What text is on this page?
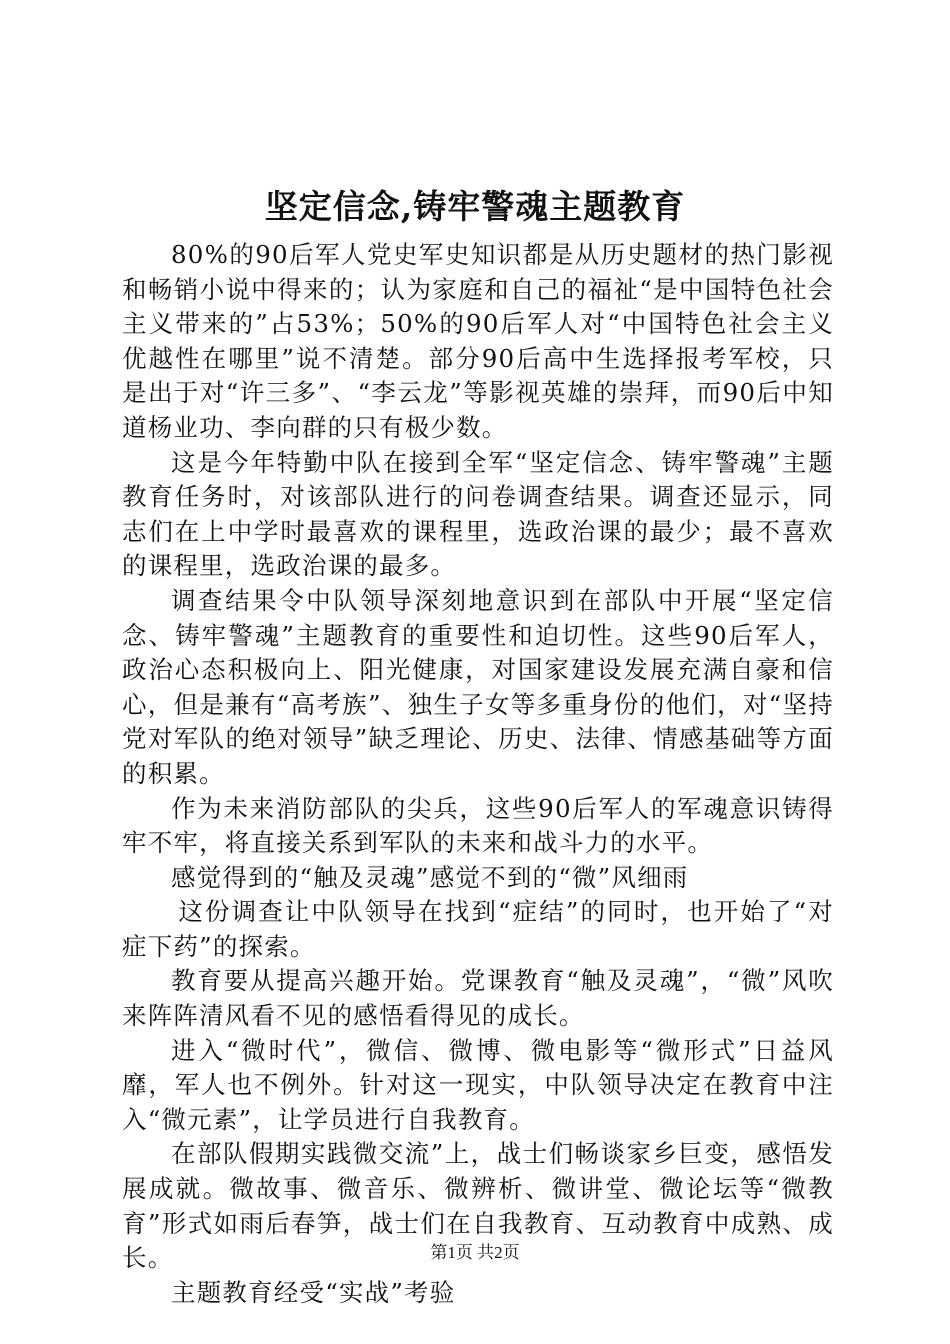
坚定信念,铸牢警魂主题教育

80%的90后军人党史军史知识都是从历史题材的热门影视和畅销小说中得来的；认为家庭和自己的福祉“是中国特色社会主义带来的”占53%；50%的90后军人对“中国特色社会主义优越性在哪里”说不清楚。部分90后高中生选择报考军校，只是出于对“许三多”、“李云龙”等影视英雄的崇拜，而90后中知道杨业功、李向群的只有极少数。

这是今年特勤中队在接到全军“坚定信念、铸牢警魂”主题教育任务时，对该部队进行的问卷调查结果。调查还显示，同志们在上中学时最喜欢的课程里，选政治课的最少；最不喜欢的课程里，选政治课的最多。

调查结果令中队领导深刻地意识到在部队中开展“坚定信念、铸牢警魂”主题教育的重要性和迫切性。这些90后军人，政治心态积极向上、阳光健康，对国家建设发展充满自豪和信心，但是兼有“高考族”、独生子女等多重身份的他们，对“坚持党对军队的绝对领导”缺乏理论、历史、法律、情感基础等方面的积累。

作为未来消防部队的尖兵，这些90后军人的军魂意识铸得牢不牢，将直接关系到军队的未来和战斗力的水平。

感觉得到的“触及灵魂”感觉不到的“微”风细雨

这份调查让中队领导在找到“症结”的同时，也开始了“对症下药”的探索。

教育要从提高兴趣开始。党课教育“触及灵魂”，“微”风吹来阵阵清风看不见的感悟看得见的成长。

进入“微时代”，微信、微博、微电影等“微形式”日益风靡，军人也不例外。针对这一现实，中队领导决定在教育中注入“微元素”，让学员进行自我教育。

在部队假期实践微交流”上，战士们畅谈家乡巨变，感悟发展成就。微故事、微音乐、微辨析、微讲堂、微论坛等“微教育”形式如雨后春笋，战士们在自我教育、互动教育中成熟、成长。

主题教育经受“实战”考验

第1页 共2页
